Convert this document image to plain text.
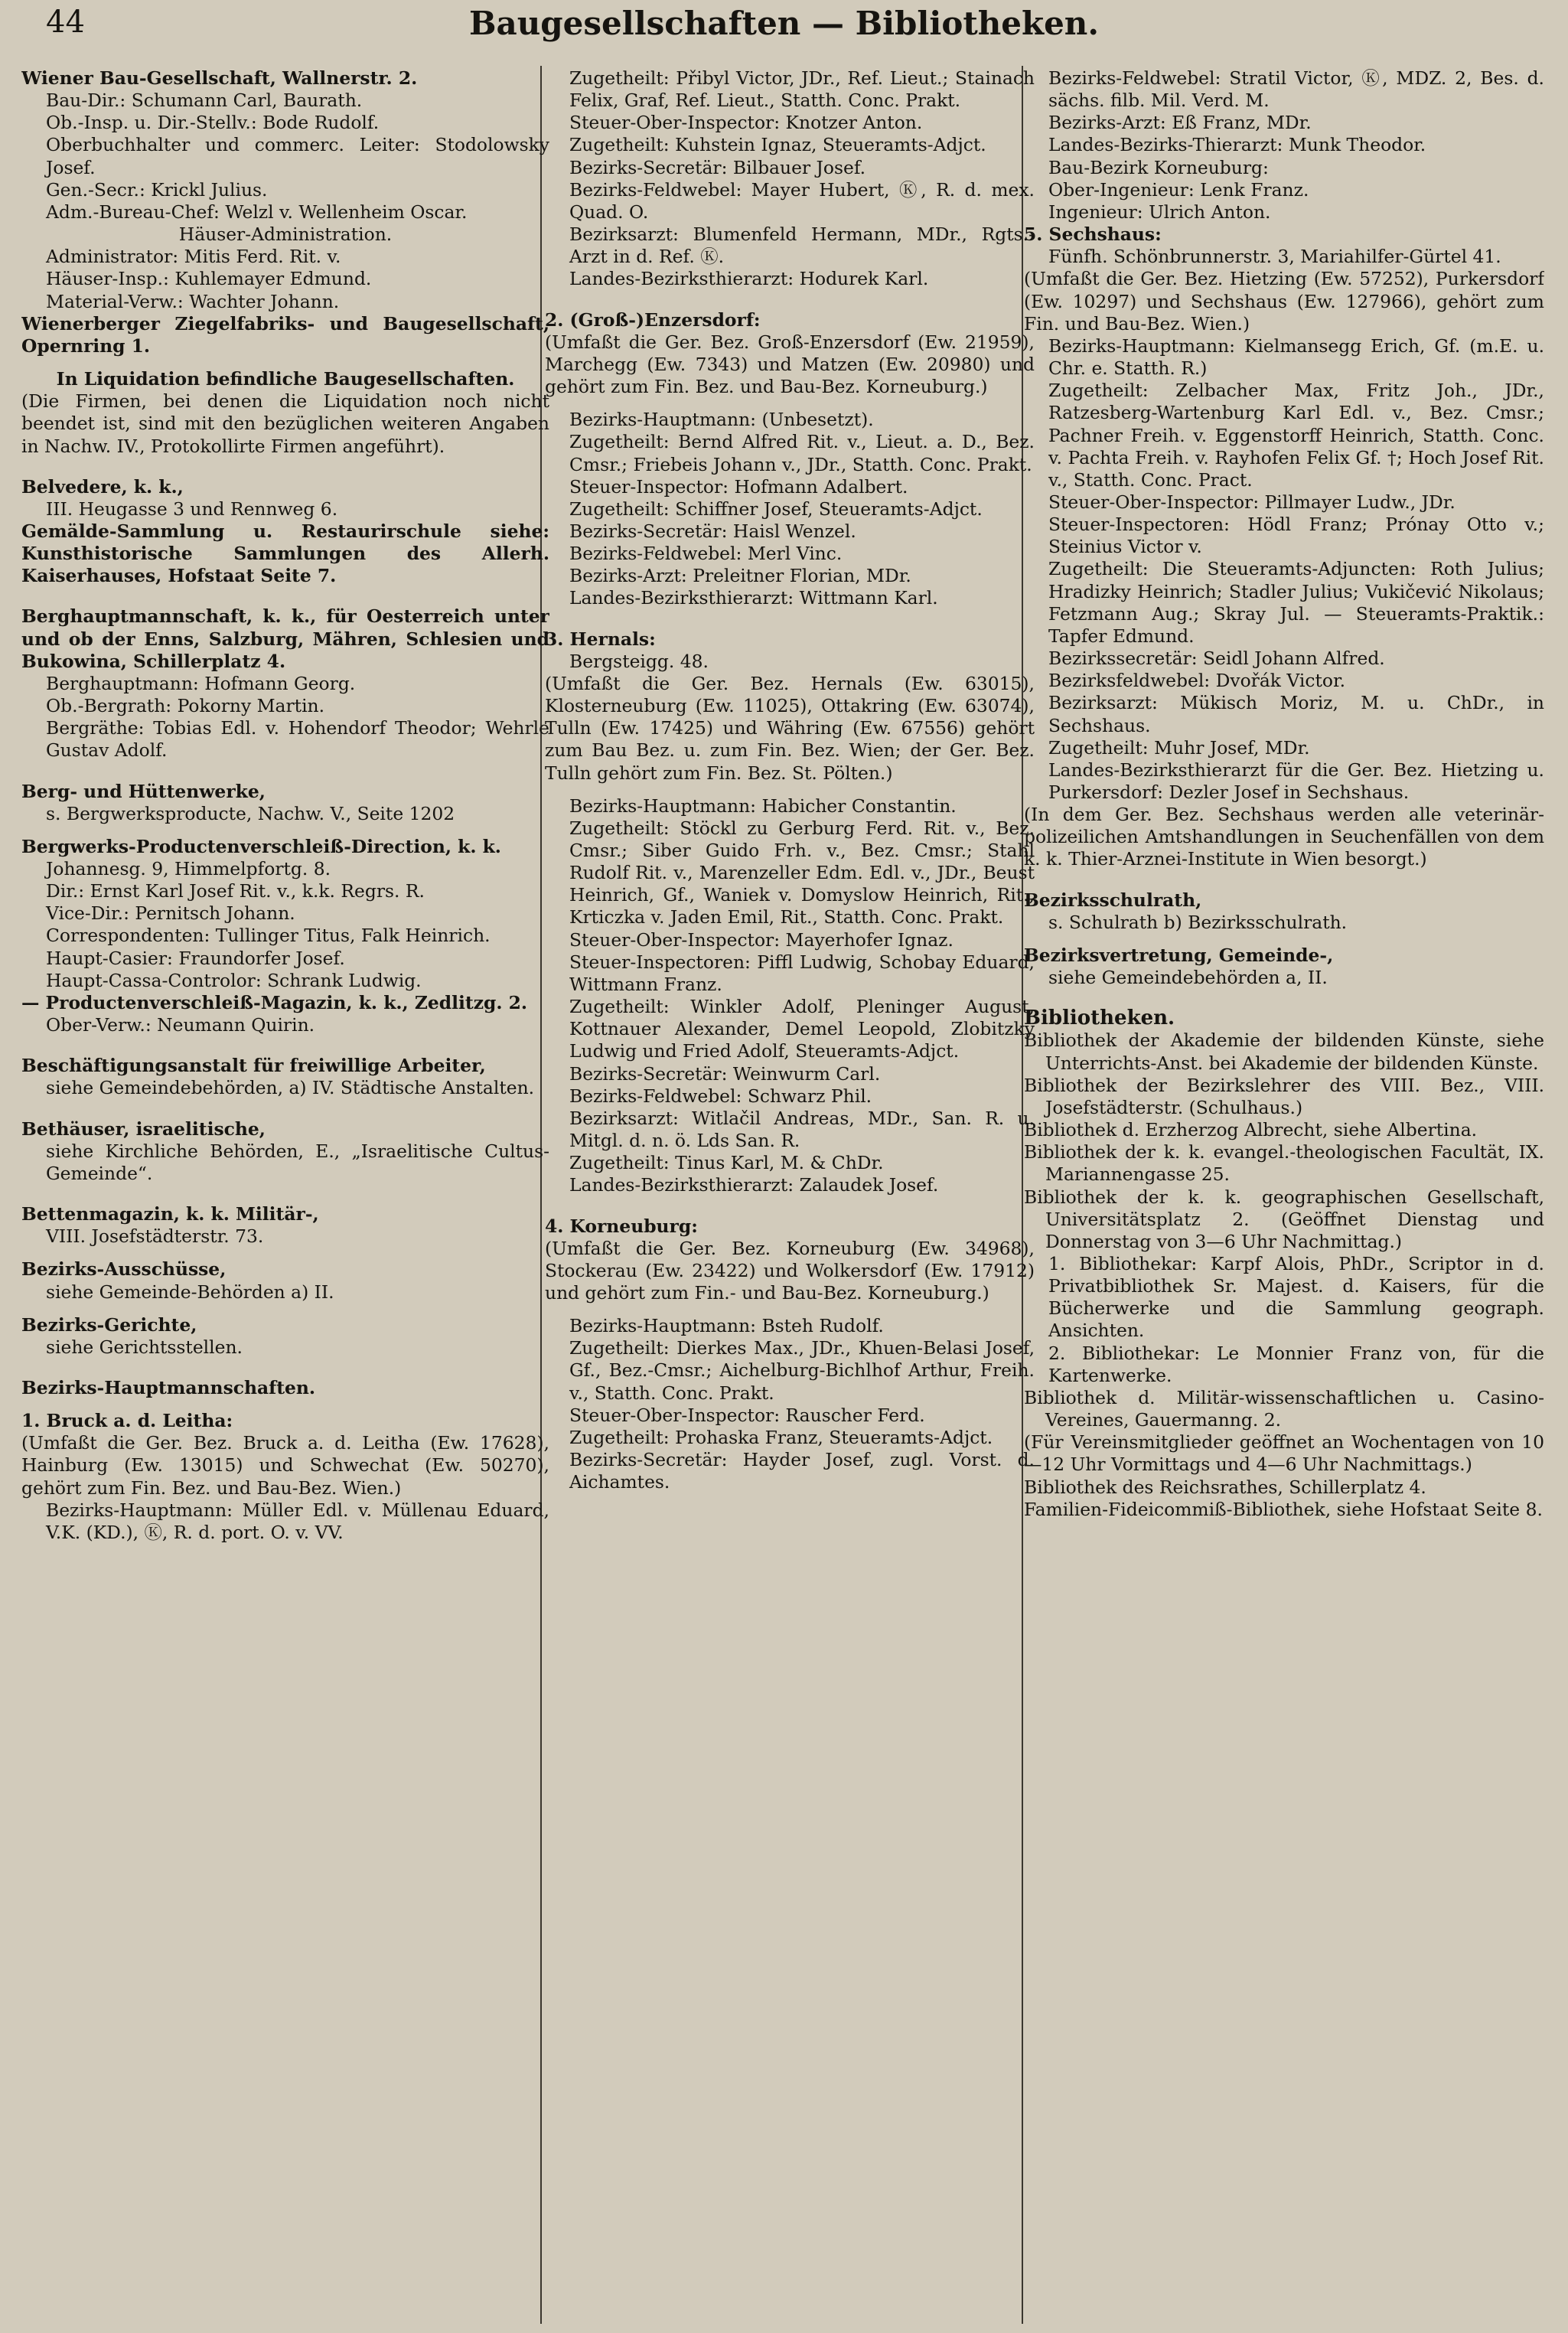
44	Baugesellschaften — Bibliotheken.

Wiener Bau-Gesellschaft, Wallnerstr. 2.

Bau-Dir.: Schumann Carl, Baurath.

Ob.-Insp. u. Dir.-Stellv.: Bode Rudolf.

Oberbuchhalter und commerc. Leiter: Stodolowsky Josef.

Gen.-Secr.: Krickl Julius.

Adm.-Bureau-Chef: Welzl v. Wellenheim Oscar.

Häuser-Administration.

Administrator: Mitis Ferd. Rit. v.

Häuser-Insp.: Kuhlemayer Edmund.

Material-Verw.: Wachter Johann.

Wienerberger Ziegelfabriks- und Baugesellschaft, Opernring 1.

In Liquidation befindliche Baugesellschaften.

(Die Firmen, bei denen die Liquidation noch nicht beendet ist, sind mit den bezüglichen weiteren Angaben in Nachw. IV., Protokollirte Firmen angeführt).

Belvedere, k. k.,

III. Heugasse 3 und Rennweg 6.

Gemälde-Sammlung u. Restaurirschule siehe: Kunsthistorische Sammlungen des Allerh. Kaiserhauses, Hofstaat Seite 7.

Berghauptmannschaft, k. k., für Oesterreich unter und ob der Enns, Salzburg, Mähren, Schlesien und Bukowina, Schillerplatz 4.

Berghauptmann: Hofmann Georg.

Ob.-Bergrath: Pokorny Martin.

Bergräthe: Tobias Edl. v. Hohendorf Theodor; Wehrle Gustav Adolf.

Berg- und Hüttenwerke,

s. Bergwerksproducte, Nachw. V., Seite 1202

Bergwerks-Productenverschleiß-Direction, k. k.

Johannesg. 9, Himmelpfortg. 8.

Dir.: Ernst Karl Josef Rit. v., k.k. Regrs. R.

Vice-Dir.: Pernitsch Johann.

Correspondenten: Tullinger Titus, Falk Heinrich.

Haupt-Casier: Fraundorfer Josef.

Haupt-Cassa-Controlor: Schrank Ludwig.

— Productenverschleiß-Magazin, k. k., Zedlitzg. 2.

Ober-Verw.: Neumann Quirin.

Beschäftigungsanstalt für freiwillige Arbeiter,

siehe Gemeindebehörden, a) IV. Städtische Anstalten.

Bethäuser, israelitische,

siehe Kirchliche Behörden, E., „Israelitische Cultus-Gemeinde“.

Bettenmagazin, k. k. Militär-,

VIII. Josefstädterstr. 73.

Bezirks-Ausschüsse,

siehe Gemeinde-Behörden a) II.

Bezirks-Gerichte,

siehe Gerichtsstellen.

Bezirks-Hauptmannschaften.

1. Bruck a. d. Leitha:

(Umfaßt die Ger. Bez. Bruck a. d. Leitha (Ew. 17628), Hainburg (Ew. 13015) und Schwechat (Ew. 50270), gehört zum Fin. Bez. und Bau-Bez. Wien.)

Bezirks-Hauptmann: Müller Edl. v. Müllenau Eduard, V.K. (KD.), Ⓚ, R. d. port. O. v. VV.

Zugetheilt: Přibyl Victor, JDr., Ref. Lieut.; Stainach Felix, Graf, Ref. Lieut., Statth. Conc. Prakt.

Steuer-Ober-Inspector: Knotzer Anton.

Zugetheilt: Kuhstein Ignaz, Steueramts-Adjct.

Bezirks-Secretär: Bilbauer Josef.

Bezirks-Feldwebel: Mayer Hubert, Ⓚ, R. d. mex. Quad. O.

Bezirksarzt: Blumenfeld Hermann, MDr., Rgts.-Arzt in d. Ref. Ⓚ.

Landes-Bezirksthierarzt: Hodurek Karl.

2. (Groß-)Enzersdorf:

(Umfaßt die Ger. Bez. Groß-Enzersdorf (Ew. 21959), Marchegg (Ew. 7343) und Matzen (Ew. 20980) und gehört zum Fin. Bez. und Bau-Bez. Korneuburg.)

Bezirks-Hauptmann: (Unbesetzt).

Zugetheilt: Bernd Alfred Rit. v., Lieut. a. D., Bez. Cmsr.; Friebeis Johann v., JDr., Statth. Conc. Prakt.

Steuer-Inspector: Hofmann Adalbert.

Zugetheilt: Schiffner Josef, Steueramts-Adjct.

Bezirks-Secretär: Haisl Wenzel.

Bezirks-Feldwebel: Merl Vinc.

Bezirks-Arzt: Preleitner Florian, MDr.

Landes-Bezirksthierarzt: Wittmann Karl.

3. Hernals:

Bergsteigg. 48.

(Umfaßt die Ger. Bez. Hernals (Ew. 63015), Klosterneuburg (Ew. 11025), Ottakring (Ew. 63074), Tulln (Ew. 17425) und Währing (Ew. 67556) gehört zum Bau Bez. u. zum Fin. Bez. Wien; der Ger. Bez. Tulln gehört zum Fin. Bez. St. Pölten.)

Bezirks-Hauptmann: Habicher Constantin.

Zugetheilt: Stöckl zu Gerburg Ferd. Rit. v., Bez. Cmsr.; Siber Guido Frh. v., Bez. Cmsr.; Stahl Rudolf Rit. v., Marenzeller Edm. Edl. v., JDr., Beust Heinrich, Gf., Waniek v. Domyslow Heinrich, Rit., Krticzka v. Jaden Emil, Rit., Statth. Conc. Prakt.

Steuer-Ober-Inspector: Mayerhofer Ignaz.

Steuer-Inspectoren: Piffl Ludwig, Schobay Eduard, Wittmann Franz.

Zugetheilt: Winkler Adolf, Pleninger August, Kottnauer Alexander, Demel Leopold, Zlobitzky Ludwig und Fried Adolf, Steueramts-Adjct.

Bezirks-Secretär: Weinwurm Carl.

Bezirks-Feldwebel: Schwarz Phil.

Bezirksarzt: Witlačil Andreas, MDr., San. R. u. Mitgl. d. n. ö. Lds San. R.

Zugetheilt: Tinus Karl, M. & ChDr.

Landes-Bezirksthierarzt: Zalaudek Josef.

4. Korneuburg:

(Umfaßt die Ger. Bez. Korneuburg (Ew. 34968), Stockerau (Ew. 23422) und Wolkersdorf (Ew. 17912) und gehört zum Fin.- und Bau-Bez. Korneuburg.)

Bezirks-Hauptmann: Bsteh Rudolf.

Zugetheilt: Dierkes Max., JDr., Khuen-Belasi Josef, Gf., Bez.-Cmsr.; Aichelburg-Bichlhof Arthur, Freih. v., Statth. Conc. Prakt.

Steuer-Ober-Inspector: Rauscher Ferd.

Zugetheilt: Prohaska Franz, Steueramts-Adjct.

Bezirks-Secretär: Hayder Josef, zugl. Vorst. d. Aichamtes.

Bezirks-Feldwebel: Stratil Victor, Ⓚ, MDZ. 2, Bes. d. sächs. filb. Mil. Verd. M.

Bezirks-Arzt: Eß Franz, MDr.

Landes-Bezirks-Thierarzt: Munk Theodor.

Bau-Bezirk Korneuburg:

Ober-Ingenieur: Lenk Franz.

Ingenieur: Ulrich Anton.

5. Sechshaus:

Fünfh. Schönbrunnerstr. 3, Mariahilfer-Gürtel 41.

(Umfaßt die Ger. Bez. Hietzing (Ew. 57252), Purkersdorf (Ew. 10297) und Sechshaus (Ew. 127966), gehört zum Fin. und Bau-Bez. Wien.)

Bezirks-Hauptmann: Kielmansegg Erich, Gf. (m.E. u. Chr. e. Statth. R.)

Zugetheilt: Zelbacher Max, Fritz Joh., JDr., Ratzesberg-Wartenburg Karl Edl. v., Bez. Cmsr.; Pachner Freih. v. Eggenstorff Heinrich, Statth. Conc. v. Pachta Freih. v. Rayhofen Felix Gf. †; Hoch Josef Rit. v., Statth. Conc. Pract.

Steuer-Ober-Inspector: Pillmayer Ludw., JDr.

Steuer-Inspectoren: Hödl Franz; Prónay Otto v.; Steinius Victor v.

Zugetheilt: Die Steueramts-Adjuncten: Roth Julius; Hradizky Heinrich; Stadler Julius; Vukičević Nikolaus; Fetzmann Aug.; Skray Jul. — Steueramts-Praktik.: Tapfer Edmund.

Bezirkssecretär: Seidl Johann Alfred.

Bezirksfeldwebel: Dvořák Victor.

Bezirksarzt: Mükisch Moriz, M. u. ChDr., in Sechshaus.

Zugetheilt: Muhr Josef, MDr.

Landes-Bezirksthierarzt für die Ger. Bez. Hietzing u. Purkersdorf: Dezler Josef in Sechshaus.

(In dem Ger. Bez. Sechshaus werden alle veterinär-polizeilichen Amtshandlungen in Seuchenfällen von dem k. k. Thier-Arznei-Institute in Wien besorgt.)

Bezirksschulrath,

s. Schulrath b) Bezirksschulrath.

Bezirksvertretung, Gemeinde-,

siehe Gemeindebehörden a, II.

Bibliotheken.

Bibliothek der Akademie der bildenden Künste, siehe Unterrichts-Anst. bei Akademie der bildenden Künste.

Bibliothek der Bezirkslehrer des VIII. Bez., VIII. Josefstädterstr. (Schulhaus.)

Bibliothek d. Erzherzog Albrecht, siehe Albertina.

Bibliothek der k. k. evangel.-theologischen Facultät, IX. Mariannengasse 25.

Bibliothek der k. k. geographischen Gesellschaft, Universitätsplatz 2. (Geöffnet Dienstag und Donnerstag von 3—6 Uhr Nachmittag.)

1. Bibliothekar: Karpf Alois, PhDr., Scriptor in d. Privatbibliothek Sr. Majest. d. Kaisers, für die Bücherwerke und die Sammlung geograph. Ansichten.

2. Bibliothekar: Le Monnier Franz von, für die Kartenwerke.

Bibliothek d. Militär-wissenschaftlichen u. Casino-Vereines, Gauermanng. 2.

(Für Vereinsmitglieder geöffnet an Wochentagen von 10—12 Uhr Vormittags und 4—6 Uhr Nachmittags.)

Bibliothek des Reichsrathes, Schillerplatz 4.

Familien-Fideicommiß-Bibliothek, siehe Hofstaat Seite 8.
